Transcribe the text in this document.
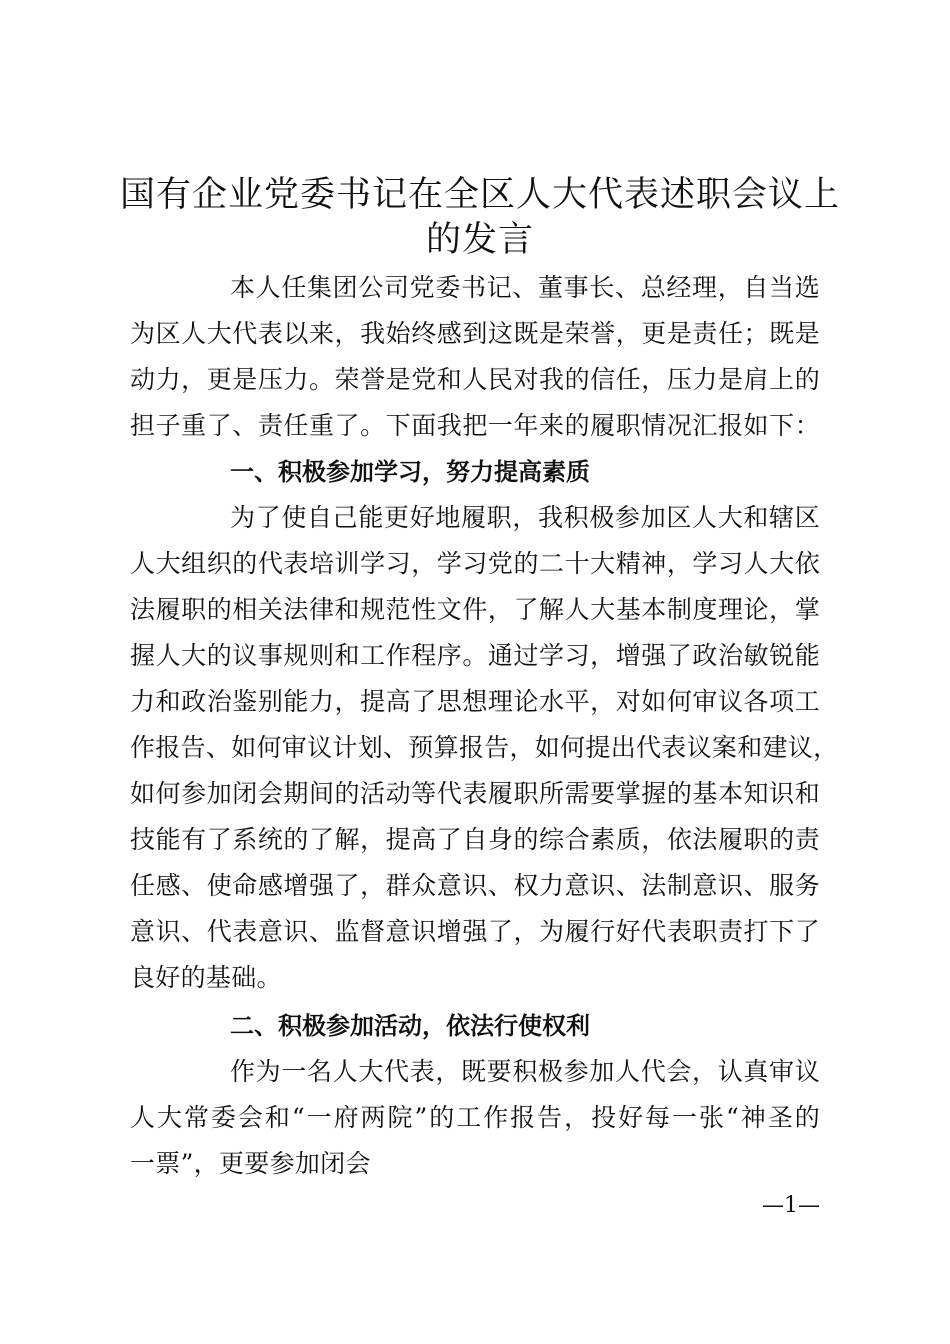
国有企业党委书记在全区人大代表述职会议上
的发言

本人任集团公司党委书记、董事长、总经理，自当选

为区人大代表以来，我始终感到这既是荣誉，更是责任；既是

动力，更是压力。荣誉是党和人民对我的信任，压力是肩上的

担子重了、责任重了。下面我把一年来的履职情况汇报如下：

一、积极参加学习，努力提高素质

为了使自己能更好地履职，我积极参加区人大和辖区

人大组织的代表培训学习，学习党的二十大精神，学习人大依

法履职的相关法律和规范性文件，了解人大基本制度理论，掌

握人大的议事规则和工作程序。通过学习，增强了政治敏锐能

力和政治鉴别能力，提高了思想理论水平，对如何审议各项工

作报告、如何审议计划、预算报告，如何提出代表议案和建议，

如何参加闭会期间的活动等代表履职所需要掌握的基本知识和

技能有了系统的了解，提高了自身的综合素质，依法履职的责

任感、使命感增强了，群众意识、权力意识、法制意识、服务

意识、代表意识、监督意识增强了，为履行好代表职责打下了

良好的基础。

二、积极参加活动，依法行使权利

作为一名人大代表，既要积极参加人代会，认真审议

人大常委会和“一府两院”的工作报告，投好每一张“神圣的

一票”，更要参加闭会

—1—
